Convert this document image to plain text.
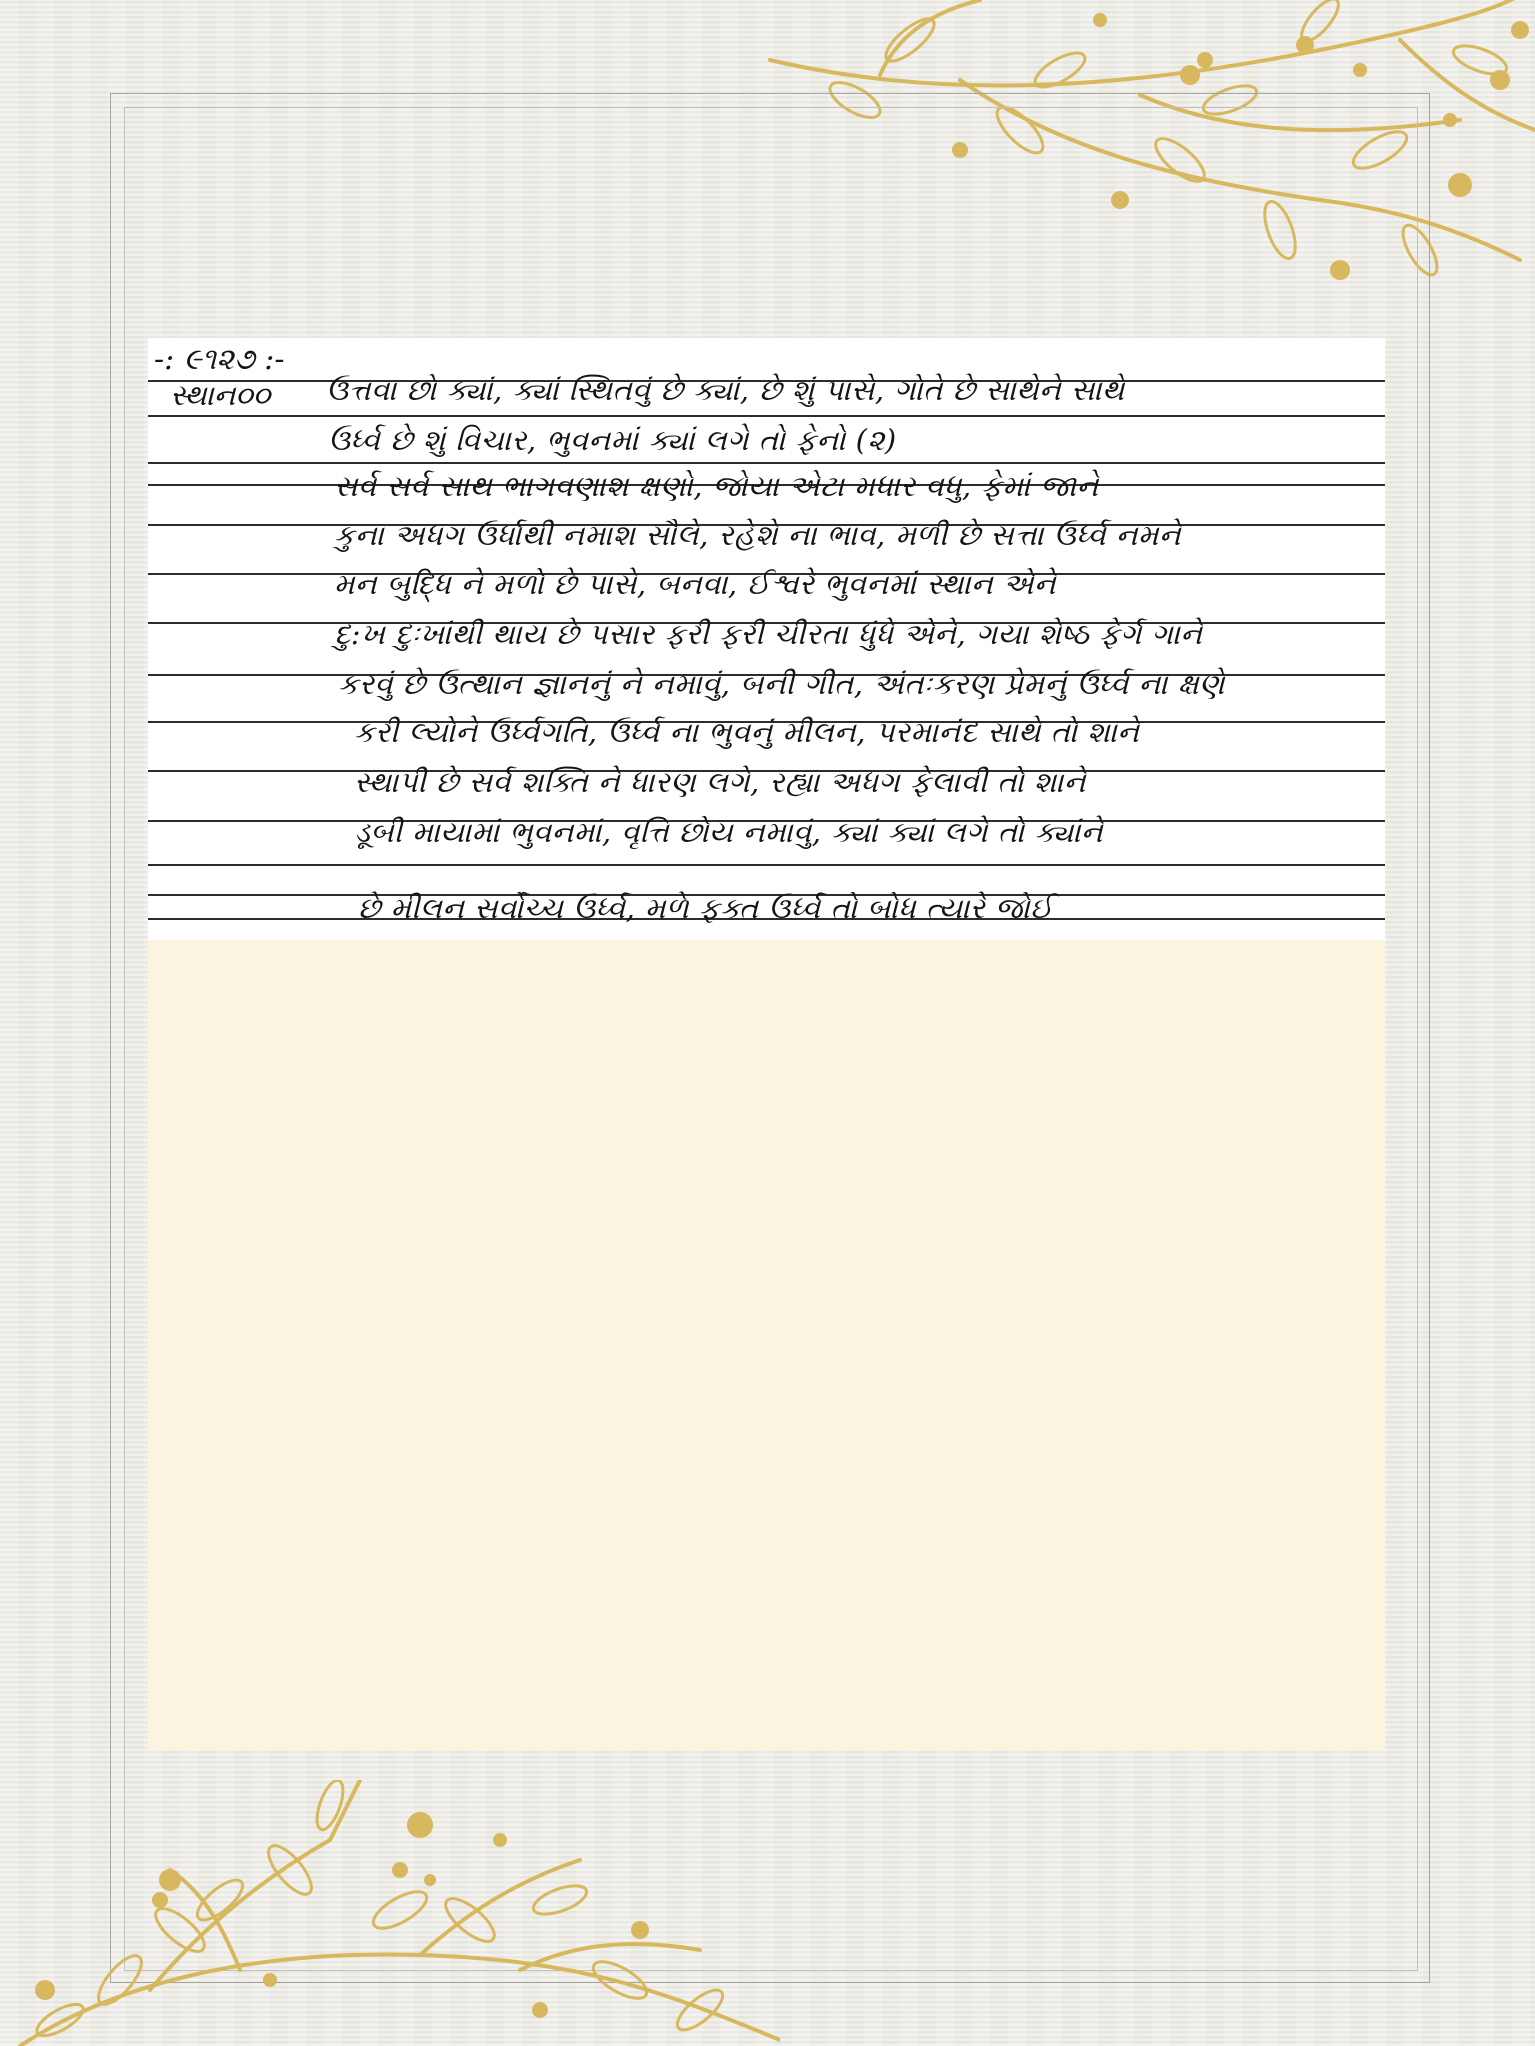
-: ૯૧૨૭ :-
સ્થાન૦૦ ઉત્તવા છો ક્યાં, ક્યાં સ્થિતવું છે ક્યાં, છે શું પાસે, ગોતે છે સાથેને સાથે
ઉર્ધ્વ છે શું વિચાર, ભુવનમાં ક્યાં લગે તો ફેનો (૨)
સર્વ સર્વ સાથ ભાગવણાશ ક્ષણો, જોયા એટા મધાર વધુ, ફેમાં જાને
કુના અધગ ઉર્ધાથી નમાશ સૌલે, રહેશે ના ભાવ, મળી છે સત્તા ઉર્ધ્વ નમને
મન બુદ્ધિ ને મળો છે પાસે, બનવા, ઈશ્વરે ભુવનમાં સ્થાન એને
દુ:ખ દુઃખાંથી થાય છે પસાર ફરી ફરી ચીરતા ધુંધે એને, ગયા શેષ્ઠ ફેર્ગ ગાને
કરવું છે ઉત્થાન જ્ઞાનનું ને નમાવું, બની ગીત, અંતઃકરણ પ્રેમનું ઉર્ધ્વ ના ક્ષણે
કરી લ્યોને ઉર્ધ્વગતિ, ઉર્ધ્વ ના ભુવનું મીલન, પરમાનંદ સાથે તો શાને
સ્થાપી છે સર્વ શક્તિ ને ધારણ લગે, રહ્યા અધગ ફેલાવી તો શાને
ડૂબી માયામાં ભુવનમાં, વૃત્તિ છોય નમાવું, ક્યાં ક્યાં લગે તો ક્યાંને
છે મીલન સર્વોચ્ચ ઉર્ધ્વ, મળે ફક્ત ઉર્ધ્વ તો બોધ ત્યારે જોઈ
